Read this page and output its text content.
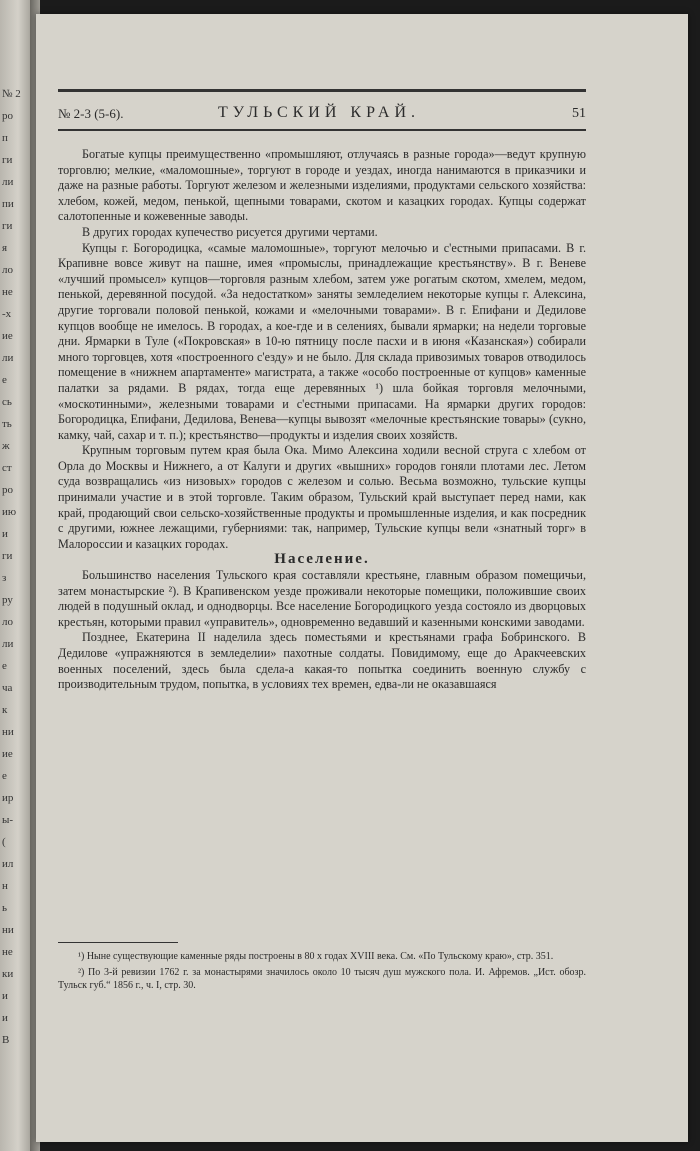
№ 2
ро
п
ги
ли
пи
ги
я
ло
не
-х
ие
ли
е
сь
ть
ж
ст
ро
ию
и
ги
з
ру
ло
ли
е
ча
к
ни
ие
е
ир
ы-
(
ил
н
ь
ни
не
ки
и
и
В
№ 2-3 (5-6).	ТУЛЬСКИЙ КРАЙ.	51

Богатые купцы преимущественно «промышляют, отлучаясь в разные города»—ведут крупную торговлю; мелкие, «маломошные», торгуют в городе и уездах, иногда нанимаются в приказчики и даже на разные работы. Торгуют железом и железными изделиями, продуктами сельского хозяйства: хлебом, кожей, медом, пенькой, щепными товарами, скотом и казацких городах. Купцы содержат салотопенные и кожевенные заводы.

В других городах купечество рисуется другими чертами.

Купцы г. Богородицка, «самые маломошные», торгуют мелочью и с'естными припасами. В г. Крапивне вовсе живут на пашне, имея «промыслы, принадлежащие крестьянству». В г. Веневе «лучший промысел» купцов—торговля разным хлебом, затем уже рогатым скотом, хмелем, медом, пенькой, деревянной посудой. «За недостатком» заняты земледелием некоторые купцы г. Алексина, другие торговали половой пенькой, кожами и «мелочными товарами». В г. Епифани и Дедилове купцов вообще не имелось. В городах, а кое-где и в селениях, бывали ярмарки; на недели торговые дни. Ярмарки в Туле («Покровская» в 10-ю пятницу после пасхи и в июня «Казанская») собирали много торговцев, хотя «построенного с'езду» и не было. Для склада привозимых товаров отводилось помещение в «нижнем апартаменте» магистрата, а также «особо построенные от купцов» каменные палатки за рядами. В рядах, тогда еще деревянных ¹) шла бойкая торговля мелочными, «москотинными», железными товарами и с'естными припасами. На ярмарки других городов: Богородицка, Епифани, Дедилова, Венева—купцы вывозят «мелочные крестьянские товары» (сукно, камку, чай, сахар и т. п.); крестьянство—продукты и изделия своих хозяйств.

Крупным торговым путем края была Ока. Мимо Алексина ходили весной струга с хлебом от Орла до Москвы и Нижнего, а от Калуги и других «вышних» городов гоняли плотами лес. Летом суда возвращались «из низовых» городов с железом и солью. Весьма возможно, тульские купцы принимали участие и в этой торговле. Таким образом, Тульский край выступает перед нами, как край, продающий свои сельско-хозяйственные продукты и промышленные изделия, и как посредник с другими, южнее лежащими, губерниями: так, например, Тульские купцы вели «знатный торг» в Малороссии и казацких городах.

Население.

Большинство населения Тульского края составляли крестьяне, главным образом помещичьи, затем монастырские ²). В Крапивенском уезде проживали некоторые помещики, положившие своих людей в подушный оклад, и однодворцы. Все население Богородицкого уезда состояло из дворцовых крестьян, которыми правил «управитель», одновременно ведавший и казенными конскими заводами.

Позднее, Екатерина II наделила здесь поместьями и крестьянами графа Бобринского. В Дедилове «упражняются в земледелии» пахотные солдаты. Повидимому, еще до Аракчеевских военных поселений, здесь была сдела-а какая-то попытка соединить военную службу с производительным трудом, попытка, в условиях тех времен, едва-ли не оказавшаяся

¹) Ныне существующие каменные ряды построены в 80 х годах XVIII века. См. «По Тульскому краю», стр. 351.

²) По 3-й ревизии 1762 г. за монастырями значилось около 10 тысяч душ мужского пола. И. Афремов. „Ист. обозр. Тульск губ.“ 1856 г., ч. I, стр. 30.
